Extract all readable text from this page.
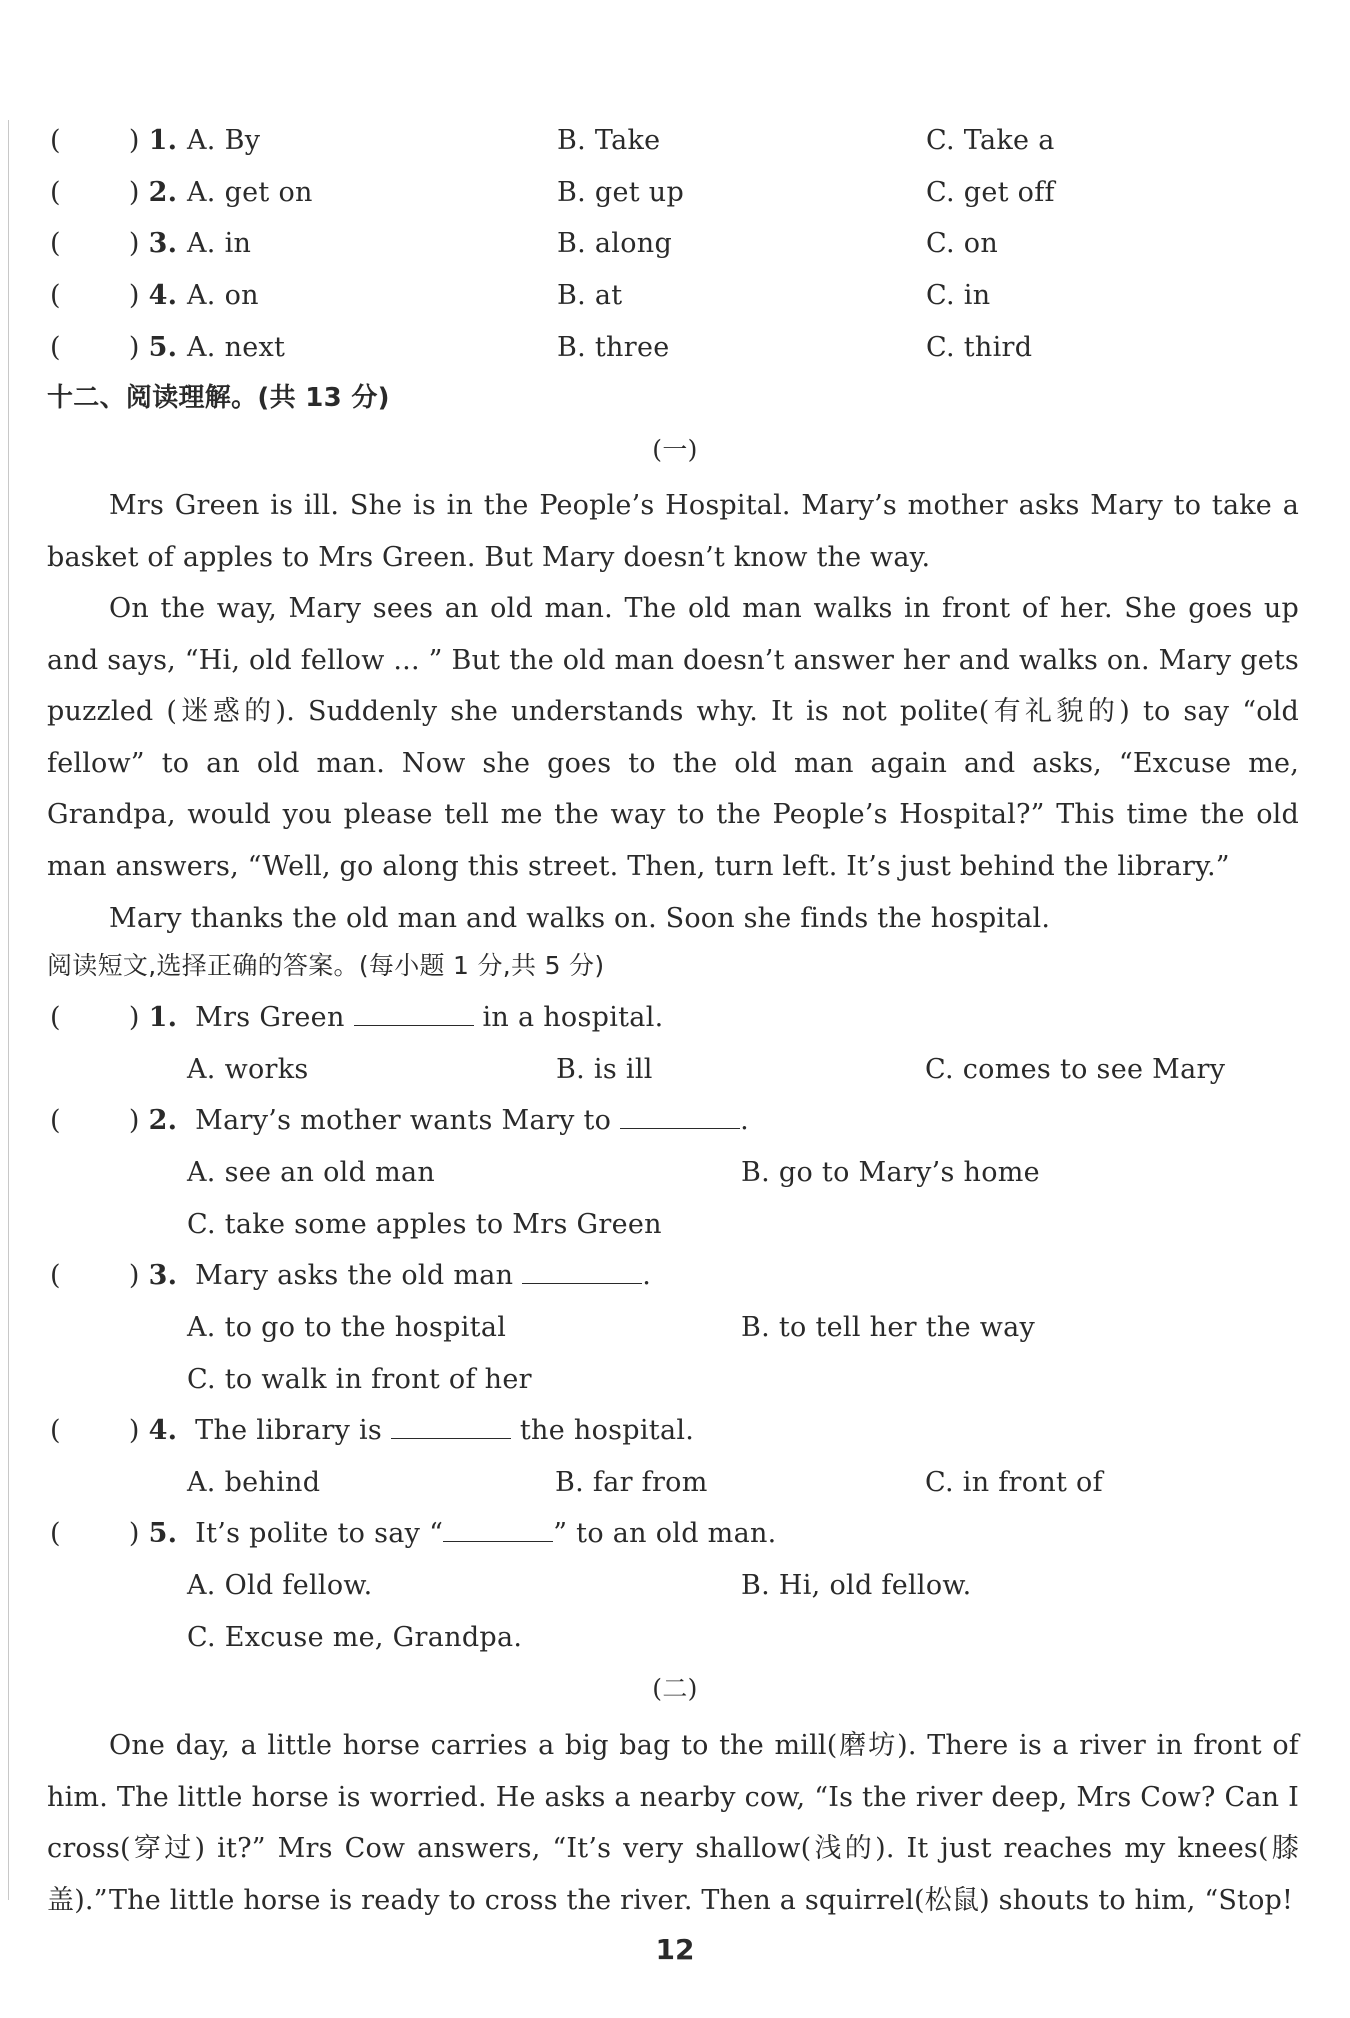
(	) 1. A. By	B. Take	C. Take a
(	) 2. A. get on	B. get up	C. get off
(	) 3. A. in	B. along	C. on
(	) 4. A. on	B. at	C. in
(	) 5. A. next	B. three	C. third
十二、阅读理解。(共 13 分)
(一)
Mrs Green is ill. She is in the People’s Hospital. Mary’s mother asks Mary to take a basket of apples to Mrs Green. But Mary doesn’t know the way.
On the way, Mary sees an old man. The old man walks in front of her. She goes up and says, “Hi, old fellow ... ” But the old man doesn’t answer her and walks on. Mary gets puzzled (迷惑的). Suddenly she understands why. It is not polite(有礼貌的) to say “old fellow” to an old man. Now she goes to the old man again and asks, “Excuse me, Grandpa, would you please tell me the way to the People’s Hospital?” This time the old man answers, “Well, go along this street. Then, turn left. It’s just behind the library.”
Mary thanks the old man and walks on. Soon she finds the hospital.
阅读短文,选择正确的答案。(每小题 1 分,共 5 分)
(	) 1. Mrs Green	in a hospital.
A. works	B. is ill	C. comes to see Mary
(	) 2. Mary’s mother wants Mary to	.
A. see an old man	B. go to Mary’s home
C. take some apples to Mrs Green
(	) 3. Mary asks the old man	.
A. to go to the hospital	B. to tell her the way
C. to walk in front of her
(	) 4. The library is	the hospital.
A. behind	B. far from	C. in front of
(	) 5. It’s polite to say “	” to an old man.
A. Old fellow.	B. Hi, old fellow.
C. Excuse me, Grandpa.
(二)
One day, a little horse carries a big bag to the mill(磨坊). There is a river in front of him. The little horse is worried. He asks a nearby cow, “Is the river deep, Mrs Cow? Can I cross(穿过) it?” Mrs Cow answers, “It’s very shallow(浅的). It just reaches my knees(膝盖).” The little horse is ready to cross the river. Then a squirrel(松鼠) shouts to him, “Stop!
12
